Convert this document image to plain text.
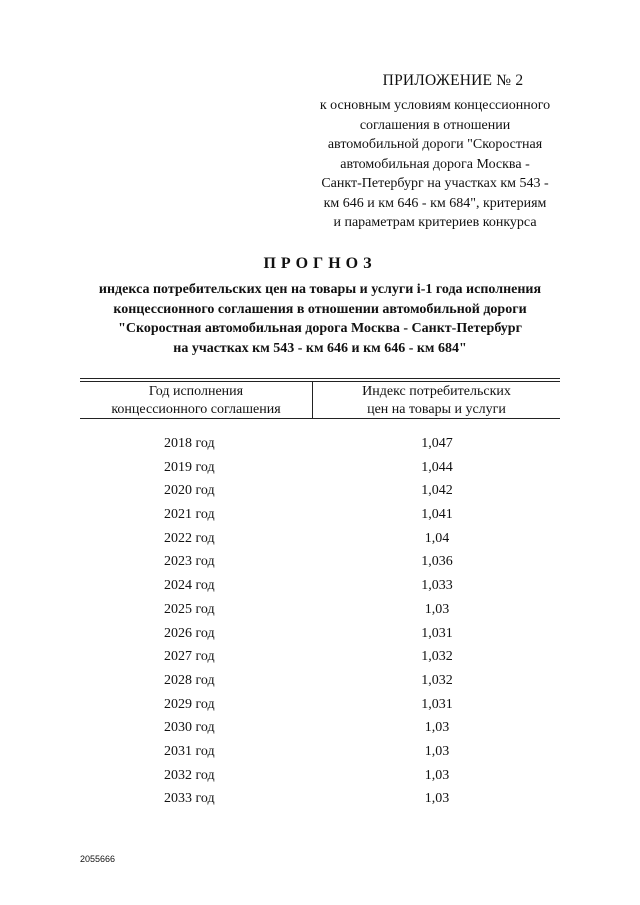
ПРИЛОЖЕНИЕ № 2
к основным условиям концессионного
соглашения в отношении
автомобильной дороги "Скоростная
автомобильная дорога Москва -
Санкт-Петербург на участках км 543 -
км 646 и км 646 - км 684", критериям
и параметрам критериев конкурса
ПРОГНОЗ
индекса потребительских цен на товары и услуги i-1 года исполнения
концессионного соглашения в отношении автомобильной дороги
"Скоростная автомобильная дорога Москва - Санкт-Петербург
на участках км 543 - км 646 и км 646 - км 684"
Год исполнения
концессионного соглашения
Индекс потребительских
цен на товары и услуги
2018 год	1,047
2019 год	1,044
2020 год	1,042
2021 год	1,041
2022 год	1,04
2023 год	1,036
2024 год	1,033
2025 год	1,03
2026 год	1,031
2027 год	1,032
2028 год	1,032
2029 год	1,031
2030 год	1,03
2031 год	1,03
2032 год	1,03
2033 год	1,03
2055666
